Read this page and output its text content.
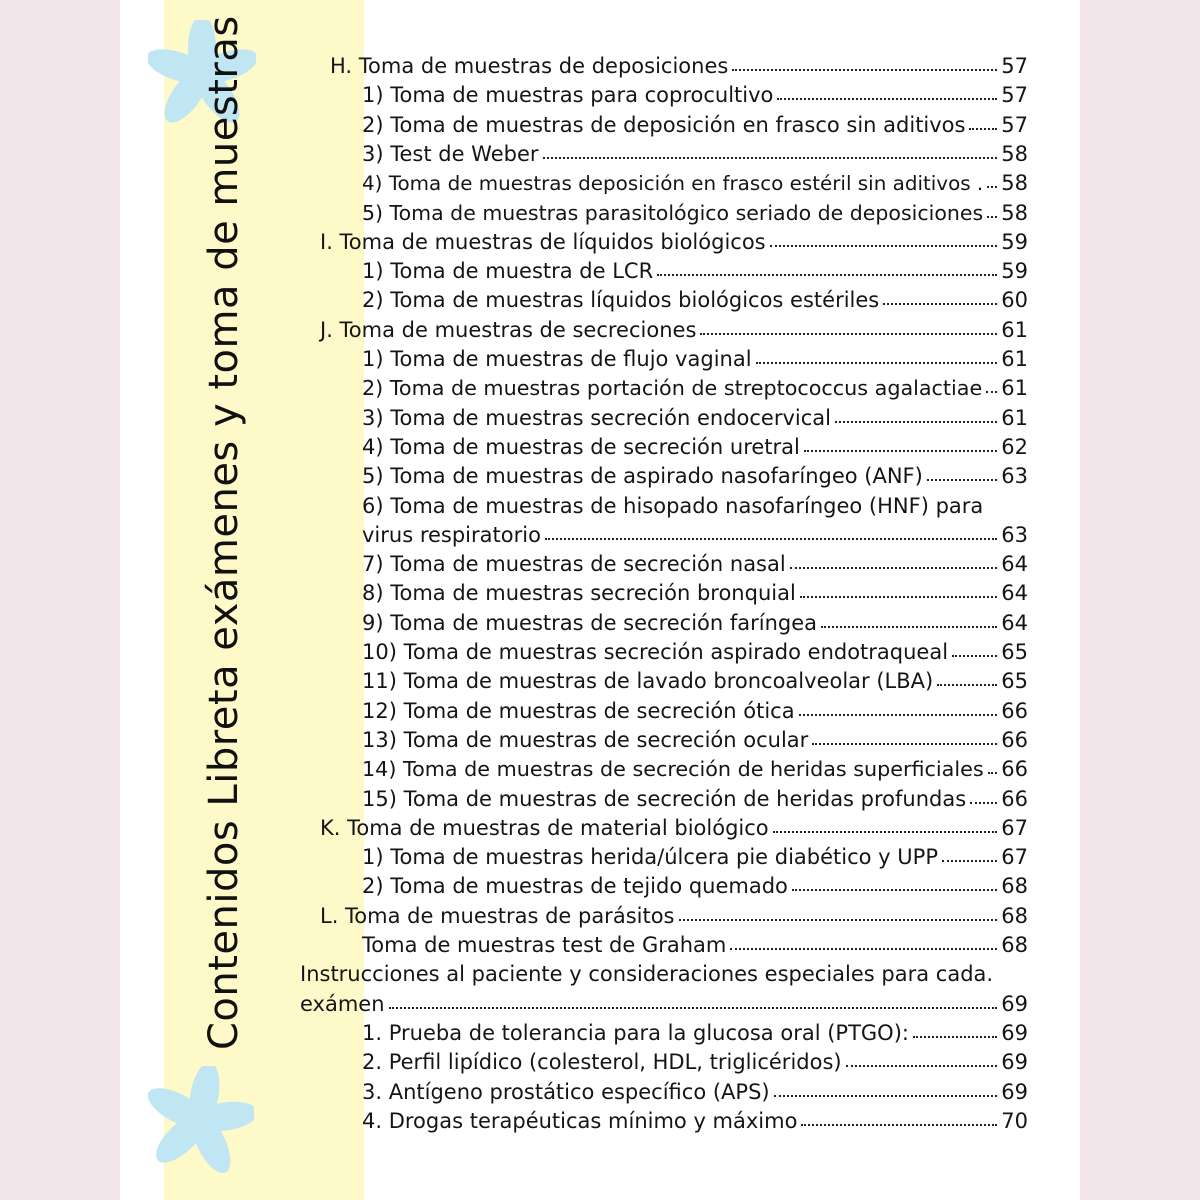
Contenidos Libreta exámenes y toma de muestras	H. Toma de muestras de deposiciones	57
1) Toma de muestras para coprocultivo	57
2) Toma de muestras de deposición en frasco sin aditivos 57
3) Test de Weber	58
4) Toma de muestras deposición en frasco estéril sin aditivos . 58
5) Toma de muestras parasitológico seriado de deposiciones 58
I. Toma de muestras de líquidos biológicos	59
1) Toma de muestra de LCR	59
2) Toma de muestras líquidos biológicos estériles	60
J. Toma de muestras de secreciones	61
1) Toma de muestras de flujo vaginal	61
2) Toma de muestras portación de streptococcus agalactiae 61
3) Toma de muestras secreción endocervical	61
4) Toma de muestras de secreción uretral	62
5) Toma de muestras de aspirado nasofaríngeo (ANF)	63
6) Toma de muestras de hisopado nasofaríngeo (HNF) para
virus respiratorio	63
7) Toma de muestras de secreción nasal	64
8) Toma de muestras secreción bronquial	64
9) Toma de muestras de secreción faríngea	64
10) Toma de muestras secreción aspirado endotraqueal	65
11) Toma de muestras de lavado broncoalveolar (LBA)	65
12) Toma de muestras de secreción ótica	66
13) Toma de muestras de secreción ocular	66
14) Toma de muestras de secreción de heridas superficiales 66
15) Toma de muestras de secreción de heridas profundas 66
K. Toma de muestras de material biológico	67
1) Toma de muestras herida/úlcera pie diabético y UPP	67
2) Toma de muestras de tejido quemado	68
L. Toma de muestras de parásitos	68
Toma de muestras test de Graham	68
Instrucciones al paciente y consideraciones especiales para cada.
exámen	69
1. Prueba de tolerancia para la glucosa oral (PTGO):	69
2. Perfil lipídico (colesterol, HDL, triglicéridos)	69
3. Antígeno prostático específico (APS)	69
4. Drogas terapéuticas mínimo y máximo	70
